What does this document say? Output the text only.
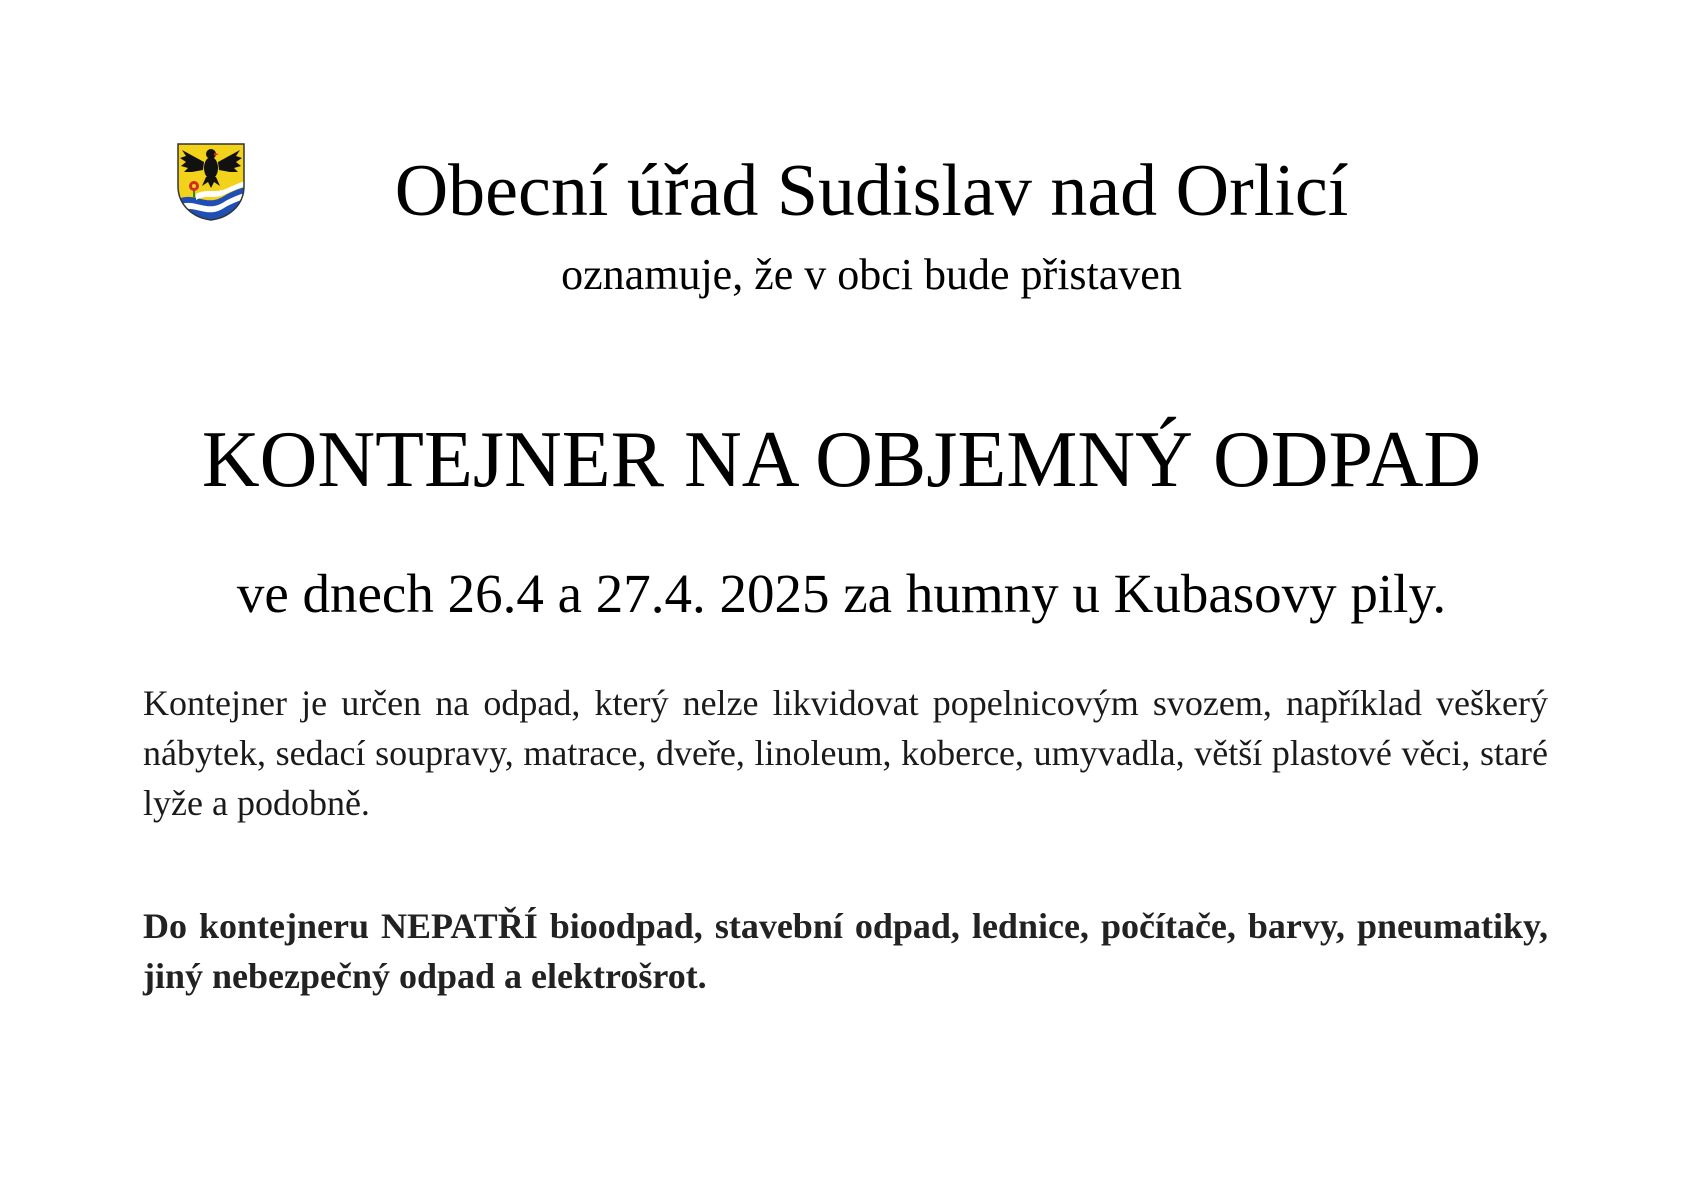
Obecní úřad Sudislav nad Orlicí
oznamuje, že v obci bude přistaven
KONTEJNER NA OBJEMNÝ ODPAD
ve dnech 26.4 a 27.4. 2025 za humny u Kubasovy pily.
Kontejner je určen na odpad, který nelze likvidovat popelnicovým svozem, například veškerý nábytek, sedací soupravy, matrace, dveře, linoleum, koberce, umyvadla, větší plastové věci, staré lyže a podobně.
Do kontejneru NEPATŘÍ bioodpad, stavební odpad, lednice, počítače, barvy, pneumatiky, jiný nebezpečný odpad a elektrošrot.
